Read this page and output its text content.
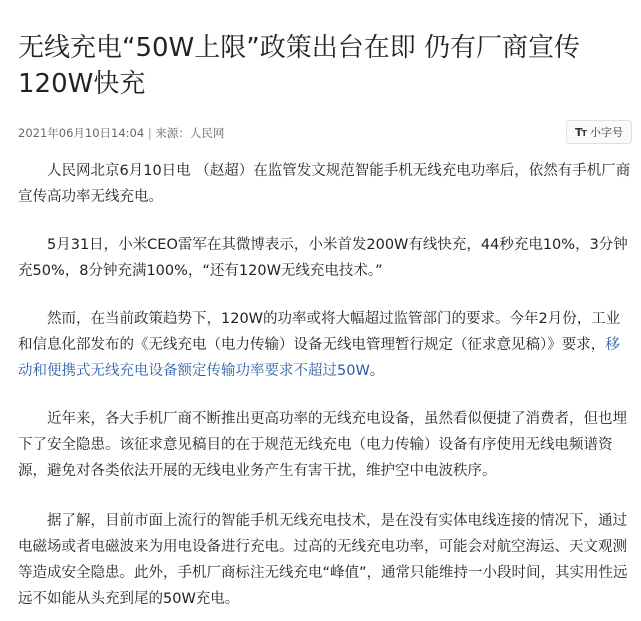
无线充电“50W上限”政策出台在即 仍有厂商宣传120W快充
2021年06月10日14:04 | 来源：人民网	TT 小字号

人民网北京6月10日电 （赵超）在监管发文规范智能手机无线充电功率后，依然有手机厂商宣传高功率无线充电。

5月31日，小米CEO雷军在其微博表示，小米首发200W有线快充，44秒充电10%，3分钟充50%，8分钟充满100%，“还有120W无线充电技术。”

然而，在当前政策趋势下，120W的功率或将大幅超过监管部门的要求。今年2月份，工业和信息化部发布的《无线充电（电力传输）设备无线电管理暂行规定（征求意见稿）》要求，移动和便携式无线充电设备额定传输功率要求不超过50W。

近年来，各大手机厂商不断推出更高功率的无线充电设备，虽然看似便捷了消费者，但也埋下了安全隐患。该征求意见稿目的在于规范无线充电（电力传输）设备有序使用无线电频谱资源，避免对各类依法开展的无线电业务产生有害干扰，维护空中电波秩序。

据了解，目前市面上流行的智能手机无线充电技术，是在没有实体电线连接的情况下，通过电磁场或者电磁波来为用电设备进行充电。过高的无线充电功率，可能会对航空海运、天文观测等造成安全隐患。此外，手机厂商标注无线充电“峰值”，通常只能维持一小段时间，其实用性远远不如能从头充到尾的50W充电。
